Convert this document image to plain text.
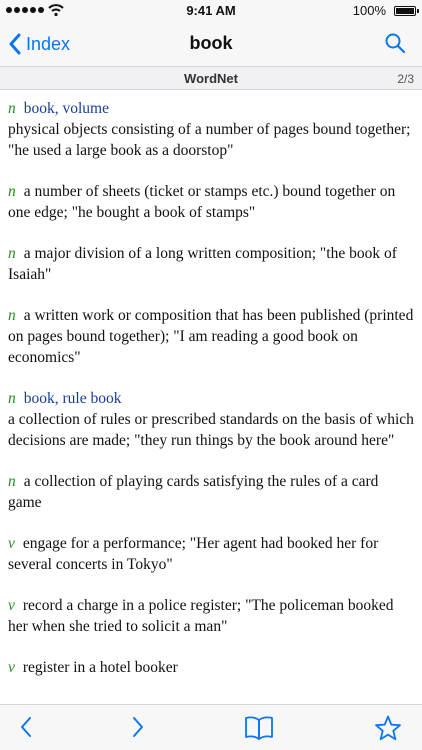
9:41 AM	100%
Index	book
WordNet	2/3
n book, volume
physical objects consisting of a number of pages bound together; "he used a large book as a doorstop"
n a number of sheets (ticket or stamps etc.) bound together on one edge; "he bought a book of stamps"
n a major division of a long written composition; "the book of Isaiah"
n a written work or composition that has been published (printed on pages bound together); "I am reading a good book on economics"
n book, rule book
a collection of rules or prescribed standards on the basis of which decisions are made; "they run things by the book around here"
n a collection of playing cards satisfying the rules of a card game
v engage for a performance; "Her agent had booked her for several concerts in Tokyo"
v record a charge in a police register; "The policeman booked her when she tried to solicit a man"
v register in a hotel booker
